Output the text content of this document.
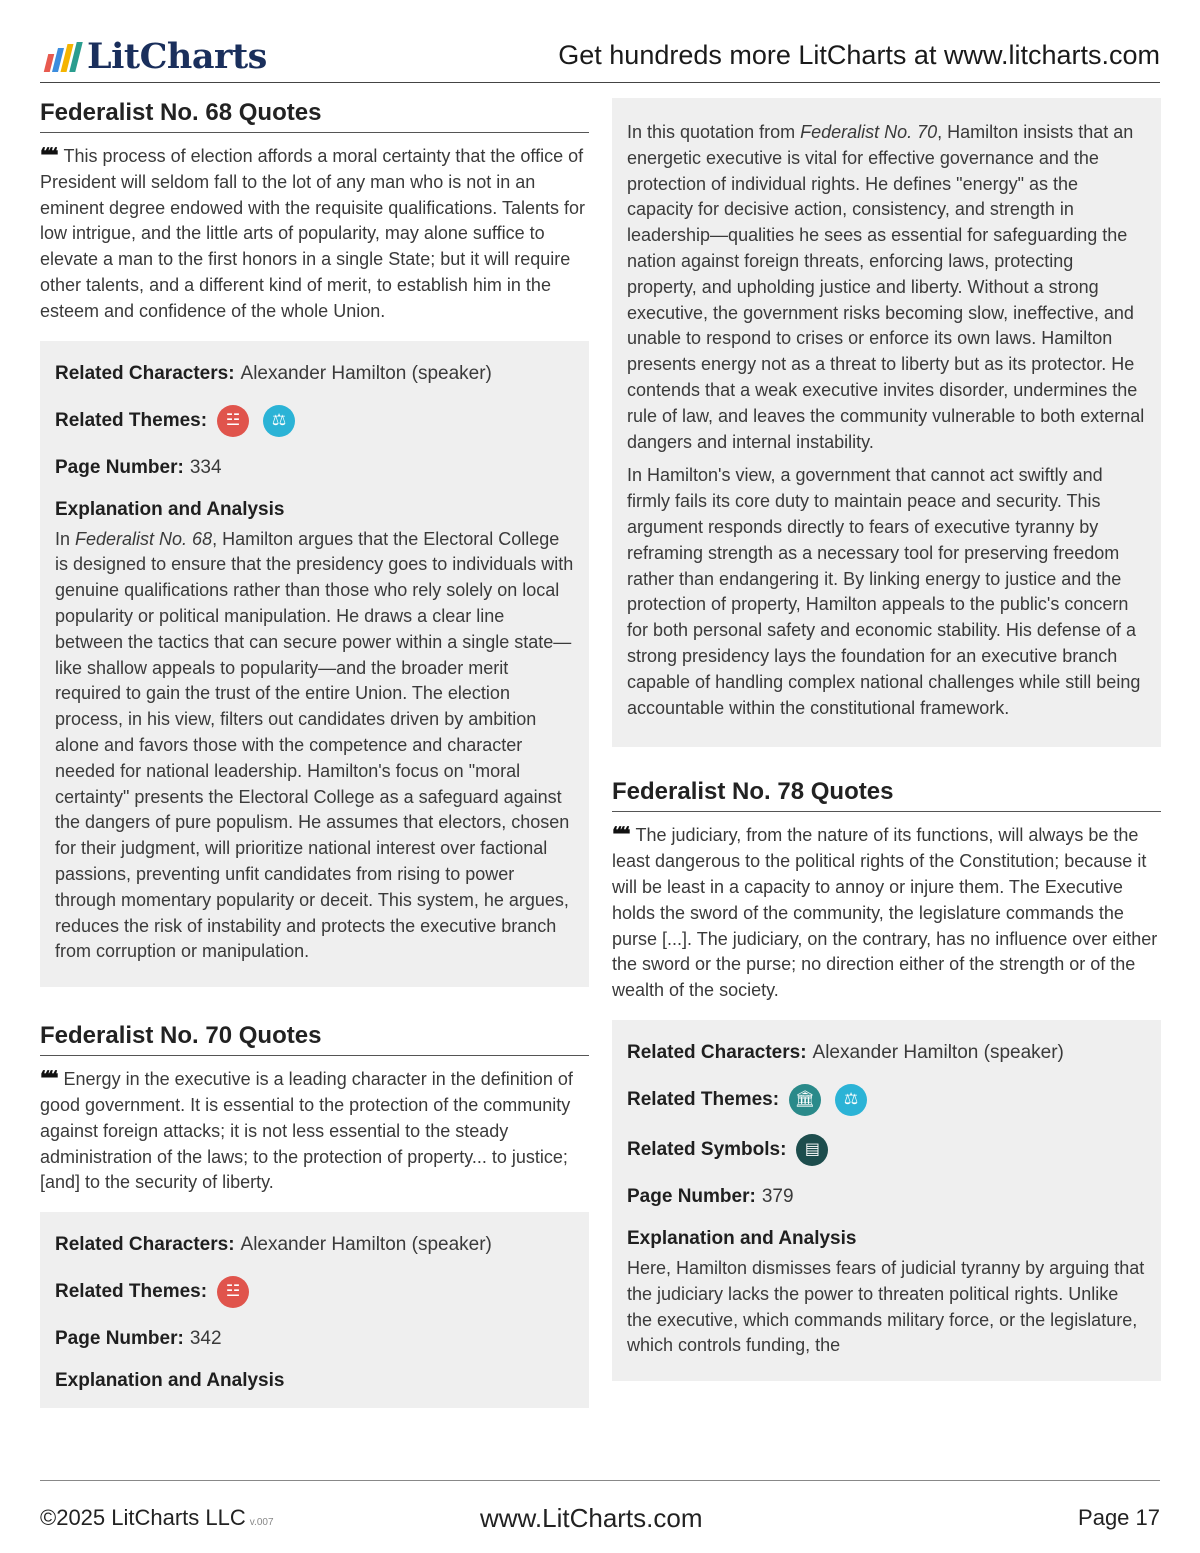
LitCharts	Get hundreds more LitCharts at www.litcharts.com
Federalist No. 68 Quotes

❝❝ This process of election affords a moral certainty that the office of President will seldom fall to the lot of any man who is not in an eminent degree endowed with the requisite qualifications. Talents for low intrigue, and the little arts of popularity, may alone suffice to elevate a man to the first honors in a single State; but it will require other talents, and a different kind of merit, to establish him in the esteem and confidence of the whole Union.

Related Characters: Alexander Hamilton (speaker)
Related Themes:	☳	⚖
Page Number: 334
Explanation and Analysis

In Federalist No. 68, Hamilton argues that the Electoral College is designed to ensure that the presidency goes to individuals with genuine qualifications rather than those who rely solely on local popularity or political manipulation. He draws a clear line between the tactics that can secure power within a single state—like shallow appeals to popularity—and the broader merit required to gain the trust of the entire Union. The election process, in his view, filters out candidates driven by ambition alone and favors those with the competence and character needed for national leadership. Hamilton's focus on "moral certainty" presents the Electoral College as a safeguard against the dangers of pure populism. He assumes that electors, chosen for their judgment, will prioritize national interest over factional passions, preventing unfit candidates from rising to power through momentary popularity or deceit. This system, he argues, reduces the risk of instability and protects the executive branch from corruption or manipulation.

Federalist No. 70 Quotes

❝❝ Energy in the executive is a leading character in the definition of good government. It is essential to the protection of the community against foreign attacks; it is not less essential to the steady administration of the laws; to the protection of property... to justice; [and] to the security of liberty.

Related Characters: Alexander Hamilton (speaker)
Related Themes:	☳
Page Number: 342
Explanation and Analysis

In this quotation from Federalist No. 70, Hamilton insists that an energetic executive is vital for effective governance and the protection of individual rights. He defines "energy" as the capacity for decisive action, consistency, and strength in leadership—qualities he sees as essential for safeguarding the nation against foreign threats, enforcing laws, protecting property, and upholding justice and liberty. Without a strong executive, the government risks becoming slow, ineffective, and unable to respond to crises or enforce its own laws. Hamilton presents energy not as a threat to liberty but as its protector. He contends that a weak executive invites disorder, undermines the rule of law, and leaves the community vulnerable to both external dangers and internal instability.

In Hamilton's view, a government that cannot act swiftly and firmly fails its core duty to maintain peace and security. This argument responds directly to fears of executive tyranny by reframing strength as a necessary tool for preserving freedom rather than endangering it. By linking energy to justice and the protection of property, Hamilton appeals to the public's concern for both personal safety and economic stability. His defense of a strong presidency lays the foundation for an executive branch capable of handling complex national challenges while still being accountable within the constitutional framework.

Federalist No. 78 Quotes

❝❝ The judiciary, from the nature of its functions, will always be the least dangerous to the political rights of the Constitution; because it will be least in a capacity to annoy or injure them. The Executive holds the sword of the community, the legislature commands the purse [...]. The judiciary, on the contrary, has no influence over either the sword or the purse; no direction either of the strength or of the wealth of the society.

Related Characters: Alexander Hamilton (speaker)
Related Themes: 🏛	⚖
Related Symbols:	▤
Page Number: 379
Explanation and Analysis

Here, Hamilton dismisses fears of judicial tyranny by arguing that the judiciary lacks the power to threaten political rights. Unlike the executive, which commands military force, or the legislature, which controls funding, the

©2025 LitCharts LLC v.007	www.LitCharts.com	Page 17
